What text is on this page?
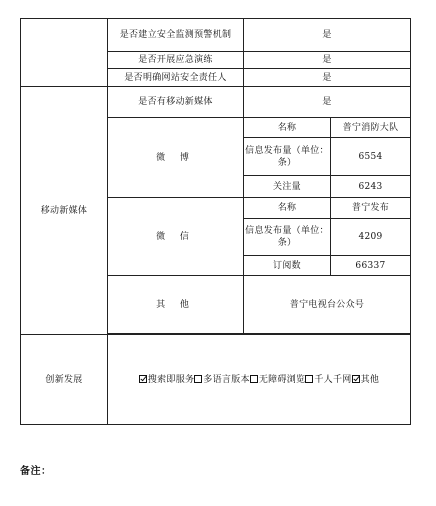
	是否建立安全监测预警机制	是	
	是否开展应急演练	是	
	是否明确网站安全责任人	是	
移动新媒体	是否有移动新媒体	是	
	微 博	名称	普宁消防大队
		信息发布量（单位：条）	6554
		关注量	6243
	微 信	名称	普宁发布
		信息发布量（单位：条）	4209
		订阅数	66337
	其 他	普宁电视台公众号	

创新发展	搜索即服务 多语言版本 无障碍浏览 千人千网 其他		
备注：
